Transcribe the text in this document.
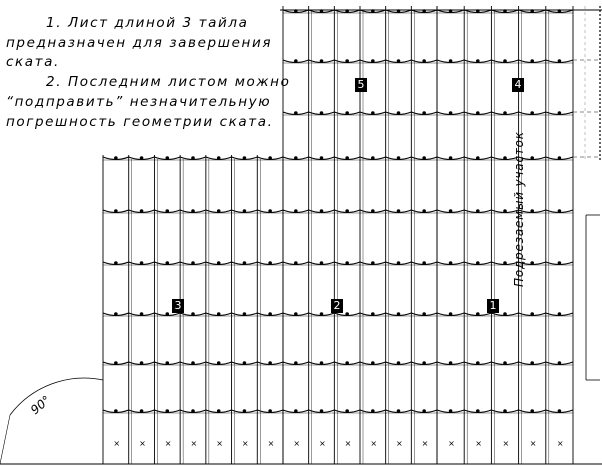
× × × × × × × × × × × × × ×	×	×	×	×

1. Лист длиной 3 тайла

предназначен для завершения

ската.

2. Последним листом можно

“подправить” незначительную

погрешность геометрии ската.

1
2
3
4
5
Подрезаемый участок
90°
